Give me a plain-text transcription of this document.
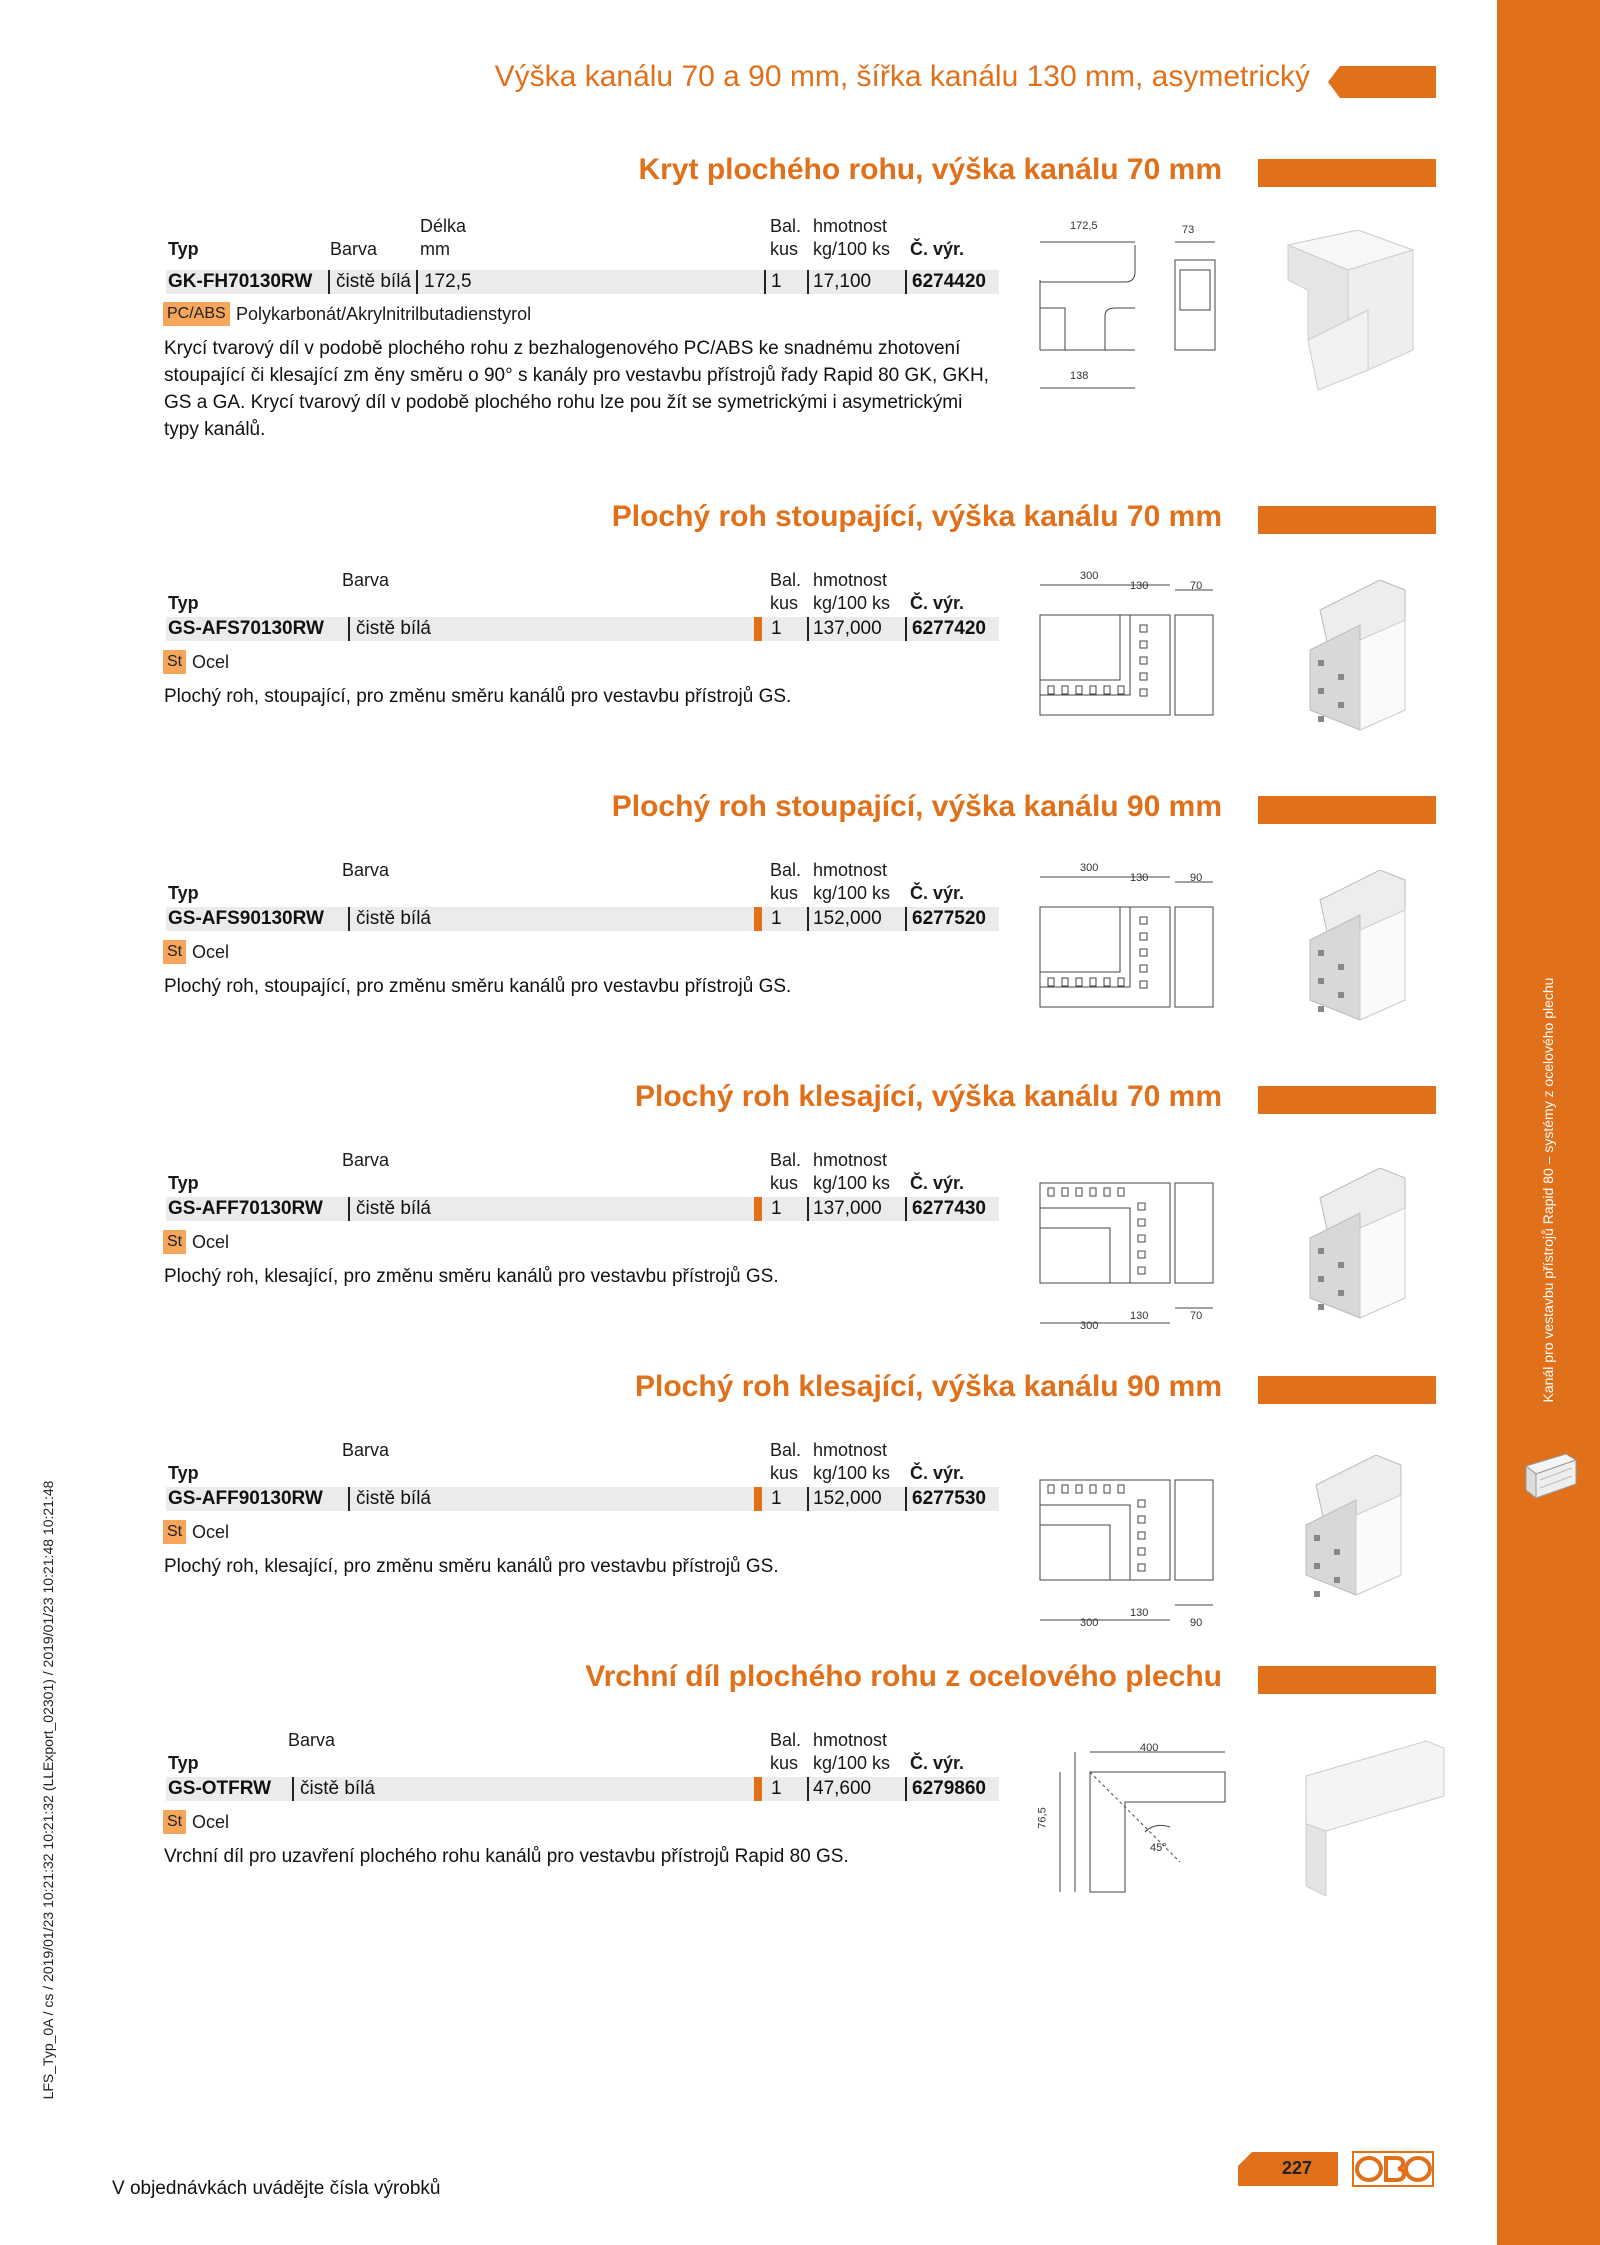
Kanál pro vestavbu přístrojů Rapid 80 – systémy z ocelového plechu
LFS_Typ_0A / cs / 2019/01/23 10:21:32 10:21:32 (LLExport_02301) / 2019/01/23 10:21:48 10:21:48
Výška kanálu 70 a 90 mm, šířka kanálu 130 mm, asymetrický
Kryt plochého rohu, výška kanálu 70 mm
Délka
Barva mm
Bal. hmotnost
Typ	kus kg/100 ks Č. výr.
GK-FH70130RW čistě bílá 172,5	1 17,100 6274420
PC/ABS Polykarbonát/Akrylnitrilbutadienstyrol
Krycí tvarový díl v podobě plochého rohu z bezhalogenového PC/ABS ke snadnému zhotovení stoupající či klesající zm ěny směru o 90° s kanály pro vestavbu přístrojů řady Rapid 80 GK, GKH, GS a GA. Krycí tvarový díl v podobě plochého rohu lze pou žít se symetrickými i asymetrickými typy kanálů.
172,5	73
138
Plochý roh stoupající, výška kanálu 70 mm
Barva	Bal. hmotnost
Typ	kus kg/100 ks Č. výr.
GS-AFS70130RW čistě bílá	1 137,000 6277420
St Ocel
Plochý roh, stoupající, pro změnu směru kanálů pro vestavbu přístrojů GS.
300
130	70
Plochý roh stoupající, výška kanálu 90 mm
Barva	Bal. hmotnost
Typ	kus kg/100 ks Č. výr.
GS-AFS90130RW čistě bílá	1 152,000 6277520
St Ocel
Plochý roh, stoupající, pro změnu směru kanálů pro vestavbu přístrojů GS.
300
130	90
Plochý roh klesající, výška kanálu 70 mm
Barva	Bal. hmotnost
Typ	kus kg/100 ks Č. výr.
GS-AFF70130RW čistě bílá	1 137,000 6277430
St Ocel
Plochý roh, klesající, pro změnu směru kanálů pro vestavbu přístrojů GS.
130	70
300
Plochý roh klesající, výška kanálu 90 mm
Barva	Bal. hmotnost
Typ	kus kg/100 ks Č. výr.
GS-AFF90130RW čistě bílá	1 152,000 6277530
St Ocel
Plochý roh, klesající, pro změnu směru kanálů pro vestavbu přístrojů GS.
130
300	90
Vrchní díl plochého rohu z ocelového plechu
Barva	Bal. hmotnost
Typ	kus kg/100 ks Č. výr.
GS-OTFRW čistě bílá	1 47,600 6279860
St Ocel
Vrchní díl pro uzavření plochého rohu kanálů pro vestavbu přístrojů Rapid 80 GS.
400
76,5
45°
V objednávkách uvádějte čísla výrobků
227
